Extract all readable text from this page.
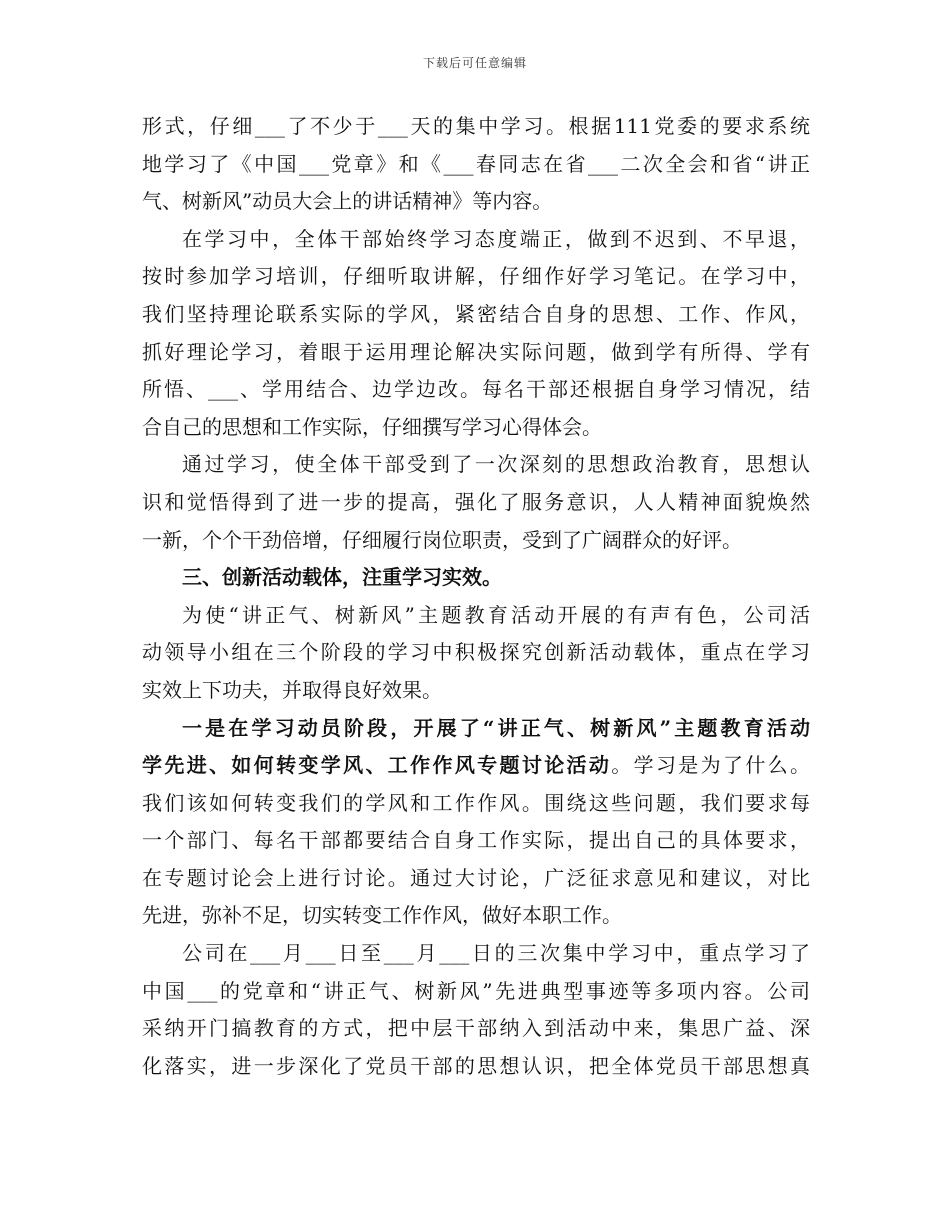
下载后可任意编辑

形式，仔细___了不少于___天的集中学习。根据111党委的要求系统
地学习了《中国___党章》和《___春同志在省___二次全会和省“讲正
气、树新风”动员大会上的讲话精神》等内容。

在学习中，全体干部始终学习态度端正，做到不迟到、不早退，
按时参加学习培训，仔细听取讲解，仔细作好学习笔记。在学习中，
我们坚持理论联系实际的学风，紧密结合自身的思想、工作、作风，
抓好理论学习，着眼于运用理论解决实际问题，做到学有所得、学有
所悟、___、学用结合、边学边改。每名干部还根据自身学习情况，结
合自己的思想和工作实际，仔细撰写学习心得体会。

通过学习，使全体干部受到了一次深刻的思想政治教育，思想认
识和觉悟得到了进一步的提高，强化了服务意识，人人精神面貌焕然
一新，个个干劲倍增，仔细履行岗位职责，受到了广阔群众的好评。

三、创新活动载体，注重学习实效。

为使“讲正气、树新风”主题教育活动开展的有声有色，公司活
动领导小组在三个阶段的学习中积极探究创新活动载体，重点在学习
实效上下功夫，并取得良好效果。

一是在学习动员阶段，开展了“讲正气、树新风”主题教育活动
学先进、如何转变学风、工作作风专题讨论活动。学习是为了什么。
我们该如何转变我们的学风和工作作风。围绕这些问题，我们要求每
一个部门、每名干部都要结合自身工作实际，提出自己的具体要求，
在专题讨论会上进行讨论。通过大讨论，广泛征求意见和建议，对比
先进，弥补不足，切实转变工作作风，做好本职工作。

公司在___月___日至___月___日的三次集中学习中，重点学习了
中国___的党章和“讲正气、树新风”先进典型事迹等多项内容。公司
采纳开门搞教育的方式，把中层干部纳入到活动中来，集思广益、深
化落实，进一步深化了党员干部的思想认识，把全体党员干部思想真
